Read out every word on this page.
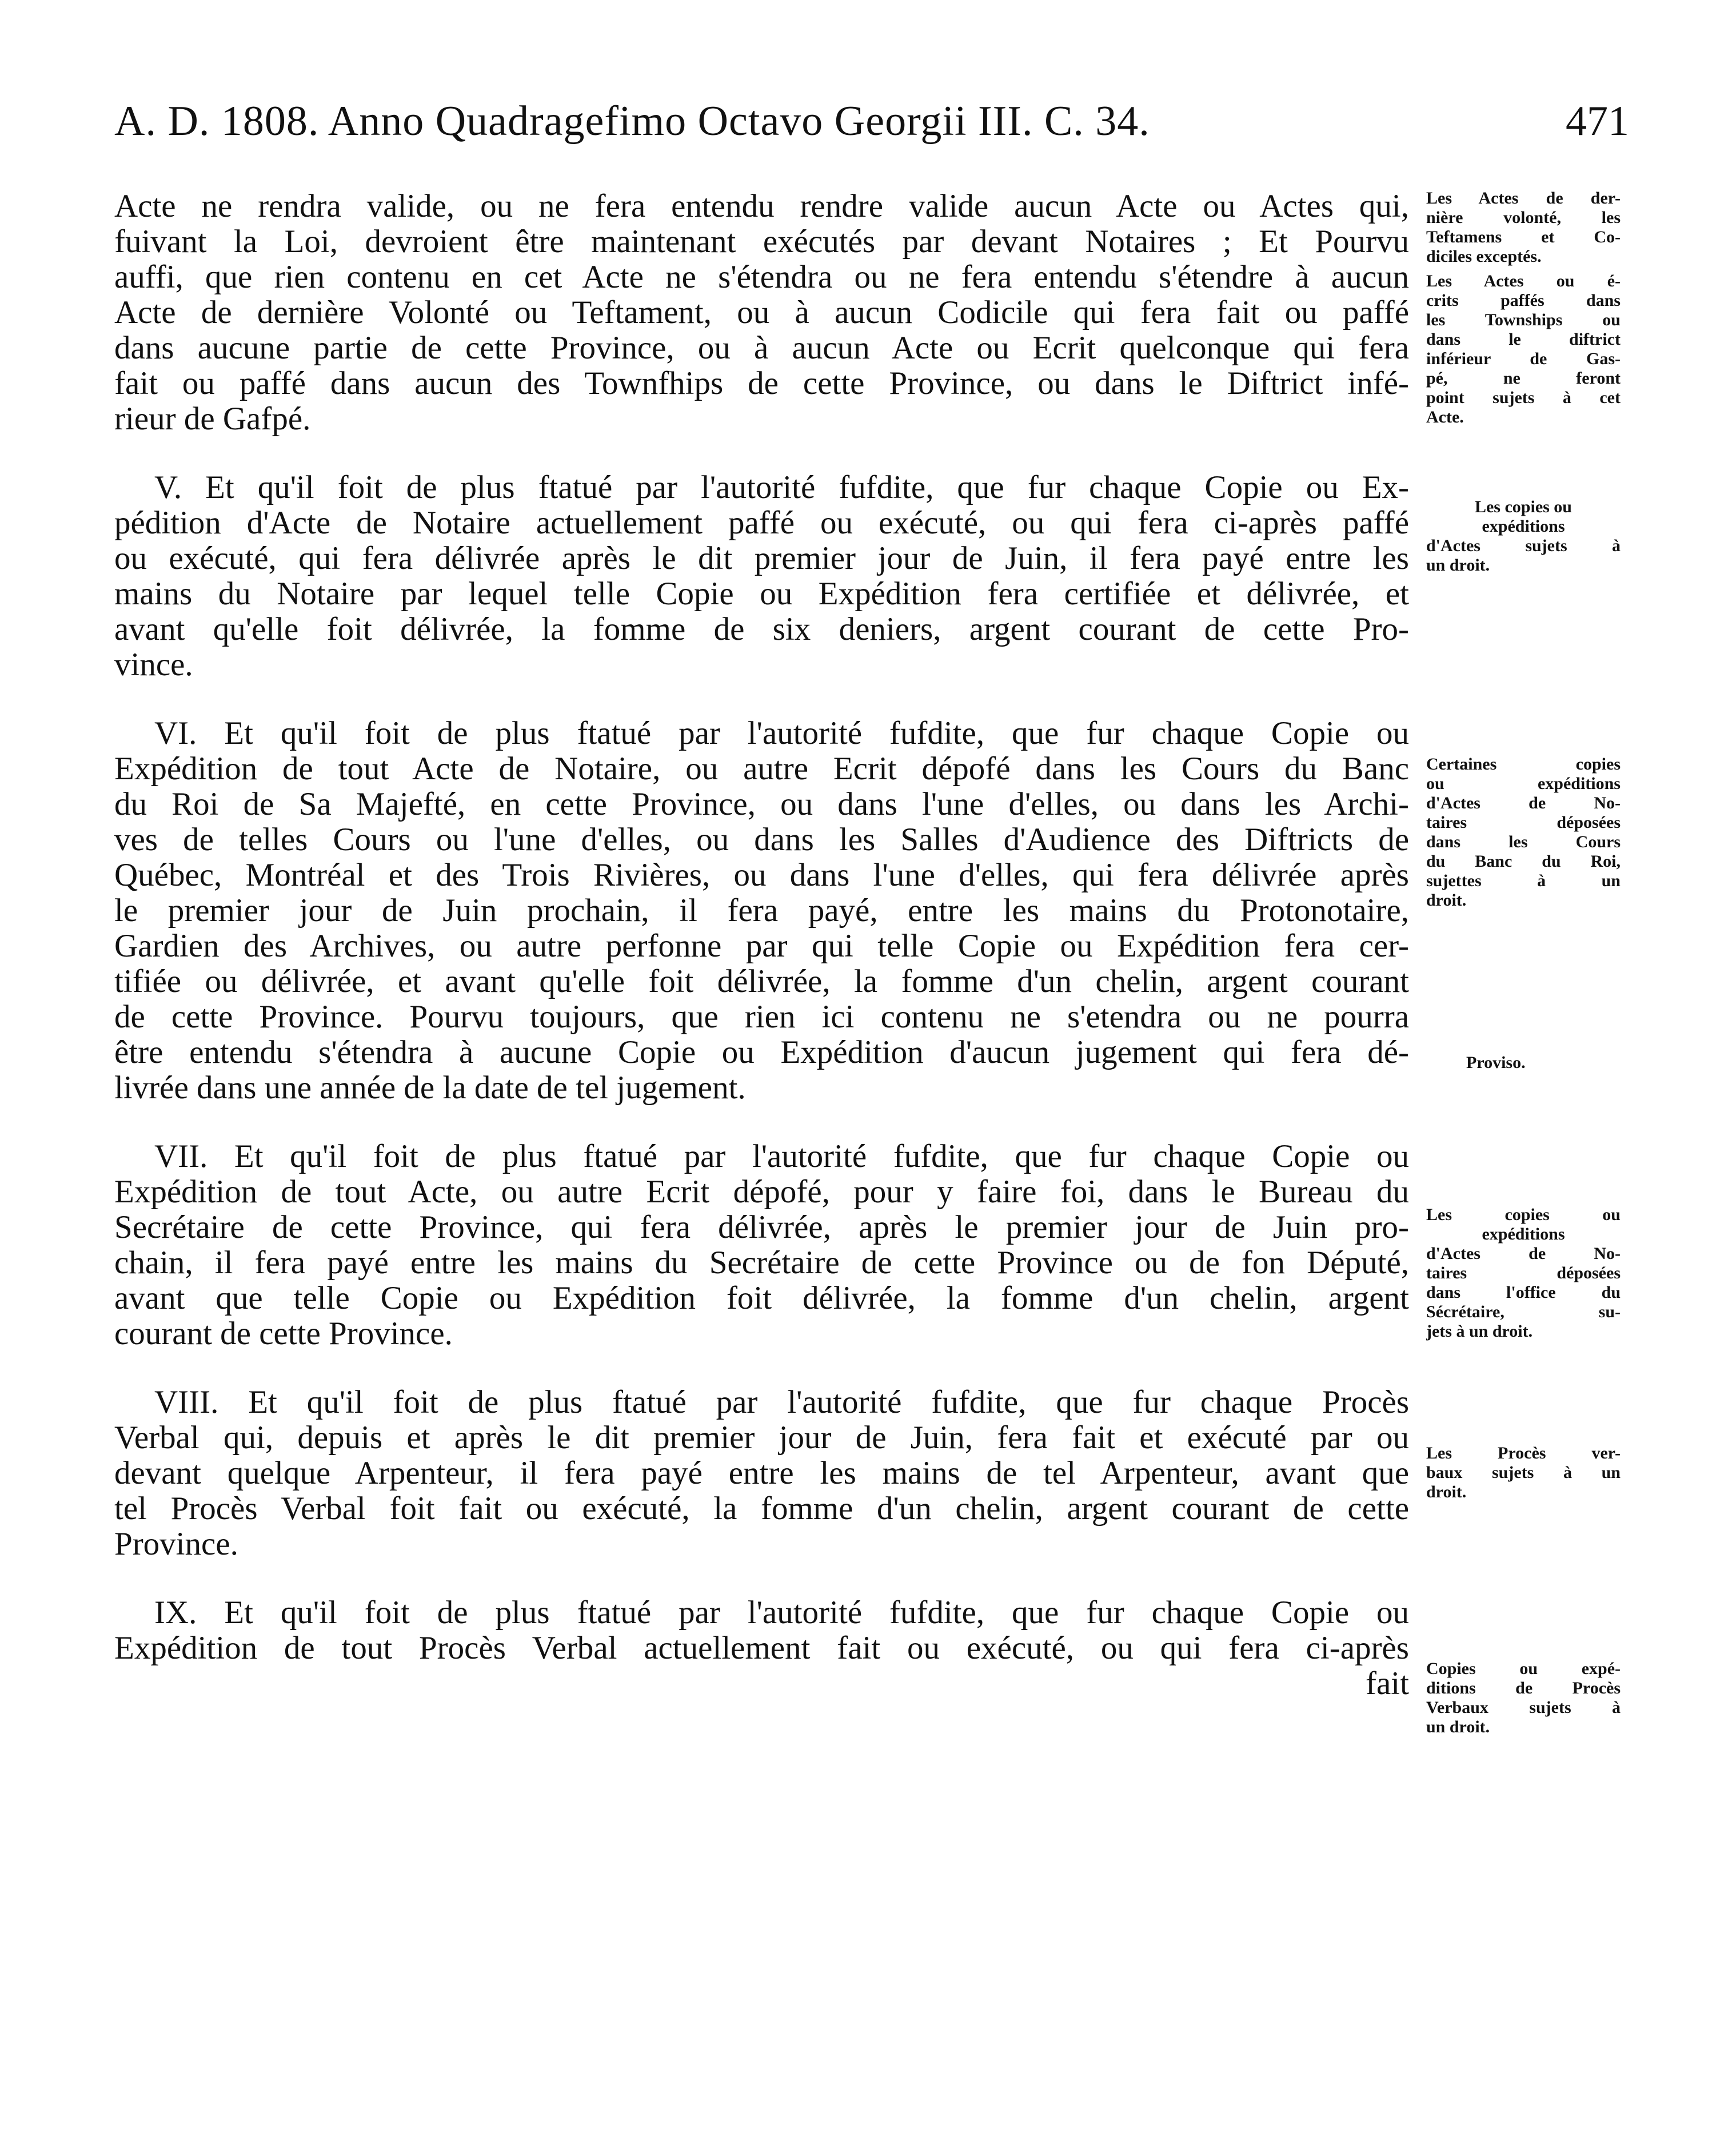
A. D. 1808. Anno Quadragefimo Octavo Georgii III. C. 34.	471
Acte ne rendra valide, ou ne fera entendu rendre valide aucun Acte ou Actes qui,
fuivant la Loi, devroient être maintenant exécutés par devant Notaires ; Et Pourvu
auffi, que rien contenu en cet Acte ne s'étendra ou ne fera entendu s'étendre à aucun
Acte de dernière Volonté ou Teftament, ou à aucun Codicile qui fera fait ou paffé
dans aucune partie de cette Province, ou à aucun Acte ou Ecrit quelconque qui fera
fait ou paffé dans aucun des Townfhips de cette Province, ou dans le Diftrict infé-
rieur de Gafpé.
V. Et qu'il foit de plus ftatué par l'autorité fufdite, que fur chaque Copie ou Ex-
pédition d'Acte de Notaire actuellement paffé ou exécuté, ou qui fera ci-après paffé
ou exécuté, qui fera délivrée après le dit premier jour de Juin, il fera payé entre les
mains du Notaire par lequel telle Copie ou Expédition fera certifiée et délivrée, et
avant qu'elle foit délivrée, la fomme de six deniers, argent courant de cette Pro-
vince.
VI. Et qu'il foit de plus ftatué par l'autorité fufdite, que fur chaque Copie ou
Expédition de tout Acte de Notaire, ou autre Ecrit dépofé dans les Cours du Banc
du Roi de Sa Majefté, en cette Province, ou dans l'une d'elles, ou dans les Archi-
ves de telles Cours ou l'une d'elles, ou dans les Salles d'Audience des Diftricts de
Québec, Montréal et des Trois Rivières, ou dans l'une d'elles, qui fera délivrée après
le premier jour de Juin prochain, il fera payé, entre les mains du Protonotaire,
Gardien des Archives, ou autre perfonne par qui telle Copie ou Expédition fera cer-
tifiée ou délivrée, et avant qu'elle foit délivrée, la fomme d'un chelin, argent courant
de cette Province. Pourvu toujours, que rien ici contenu ne s'etendra ou ne pourra
être entendu s'étendra à aucune Copie ou Expédition d'aucun jugement qui fera dé-
livrée dans une année de la date de tel jugement.
VII. Et qu'il foit de plus ftatué par l'autorité fufdite, que fur chaque Copie ou
Expédition de tout Acte, ou autre Ecrit dépofé, pour y faire foi, dans le Bureau du
Secrétaire de cette Province, qui fera délivrée, après le premier jour de Juin pro-
chain, il fera payé entre les mains du Secrétaire de cette Province ou de fon Député,
avant que telle Copie ou Expédition foit délivrée, la fomme d'un chelin, argent
courant de cette Province.
VIII. Et qu'il foit de plus ftatué par l'autorité fufdite, que fur chaque Procès
Verbal qui, depuis et après le dit premier jour de Juin, fera fait et exécuté par ou
devant quelque Arpenteur, il fera payé entre les mains de tel Arpenteur, avant que
tel Procès Verbal foit fait ou exécuté, la fomme d'un chelin, argent courant de cette
Province.
IX. Et qu'il foit de plus ftatué par l'autorité fufdite, que fur chaque Copie ou
Expédition de tout Procès Verbal actuellement fait ou exécuté, ou qui fera ci-après
fait
Les Actes de der-
nière volonté, les
Teftamens et Co-
diciles exceptés.
Les Actes ou é-
crits paffés dans
les Townships ou
dans le diftrict
inférieur de Gas-
pé, ne feront
point sujets à cet
Acte.
Les copies ou
expéditions
d'Actes sujets à
un droit.
Certaines copies
ou expéditions
d'Actes de No-
taires déposées
dans les Cours
du Banc du Roi,
sujettes à un
droit.
Proviso.
Les copies ou
expéditions
d'Actes de No-
taires déposées
dans l'office du
Sécrétaire, su-
jets à un droit.
Les Procès ver-
baux sujets à un
droit.
Copies ou expé-
ditions de Procès
Verbaux sujets à
un droit.
